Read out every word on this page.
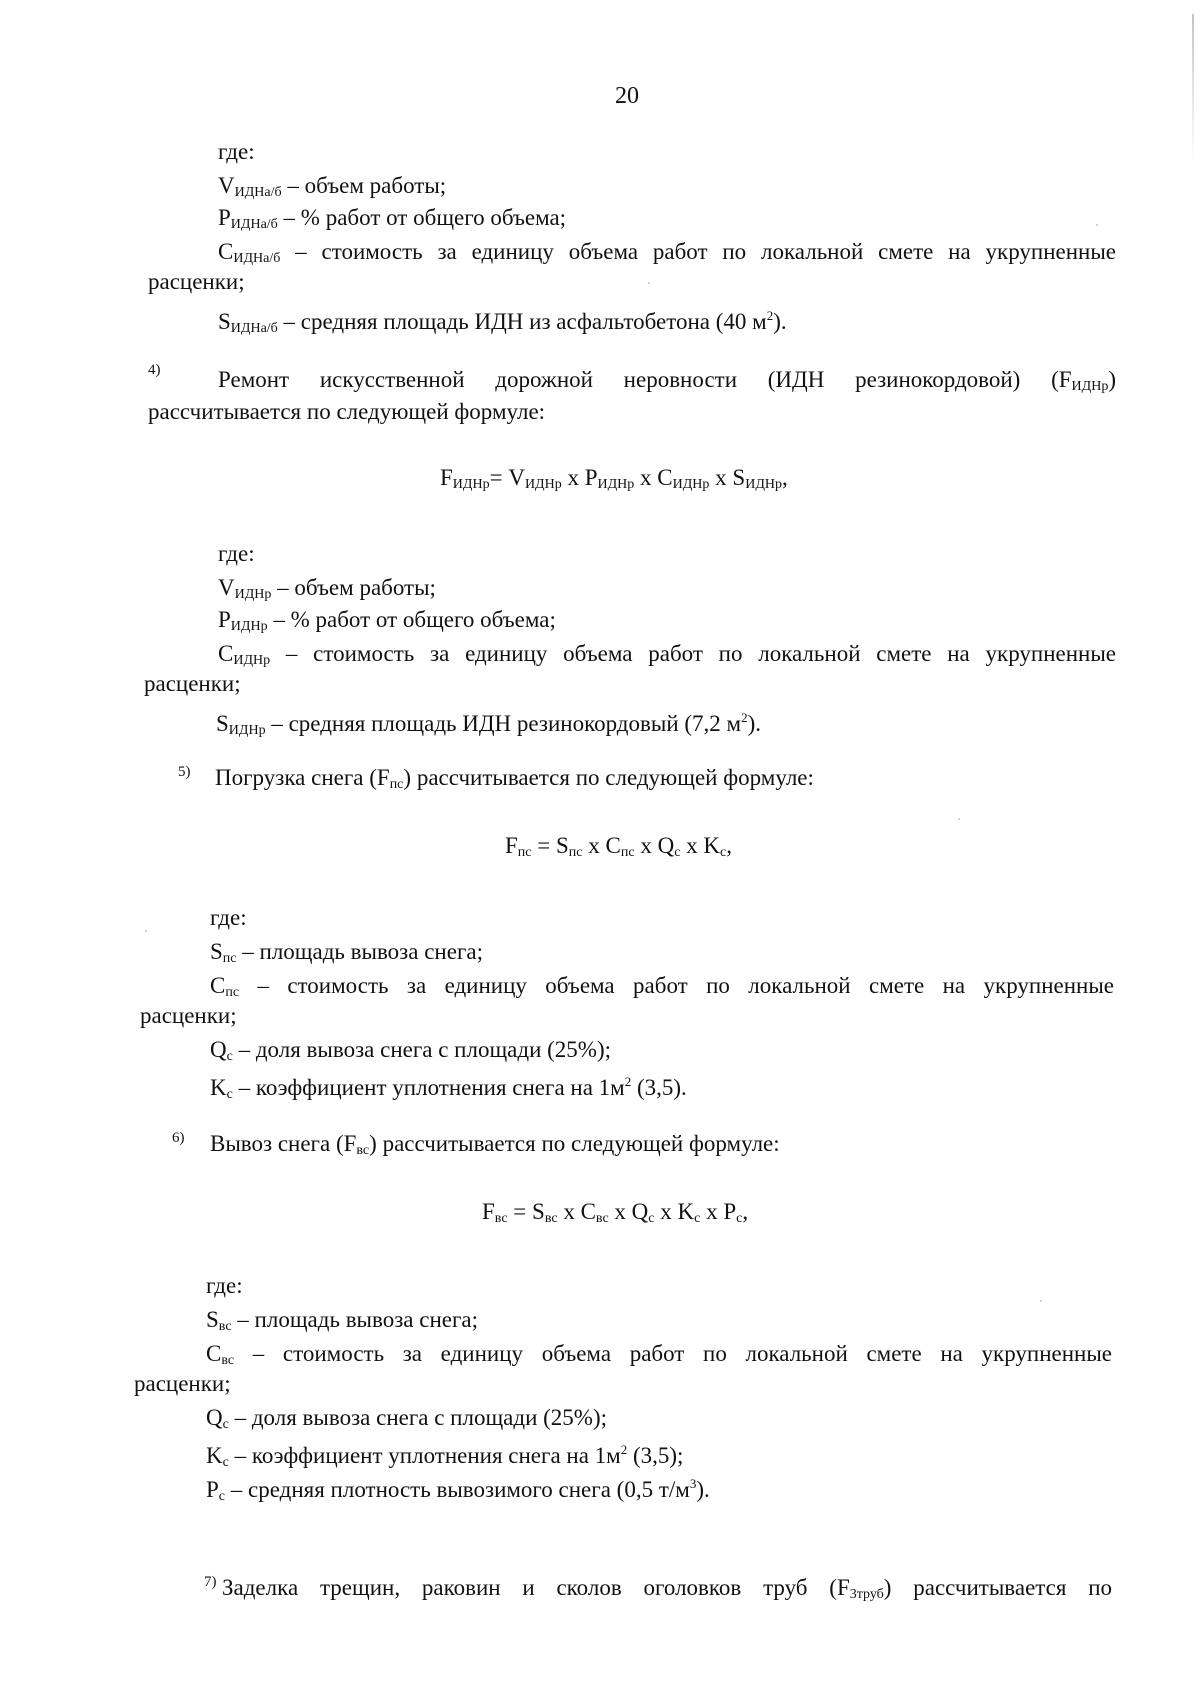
20
где:
$V_{ИДНа/б}$ – объем работы;
$P_{ИДНа/б}$ – % работ от общего объема;
$C_{ИДНа/б}$ – стоимость за единицу объема работ по локальной смете на укрупненные
расценки;
$S_{ИДНа/б}$ – средняя площадь ИДН из асфальтобетона (40 $м^2$).
$^{4)}$	Ремонт искусственной дорожной неровности (ИДН резинокордовой) $(F_{ИДНр})$
рассчитывается по следующей формуле:
$F_{ИДНр}= V_{ИДНр}$ x $P_{ИДНр}$ x $C_{ИДНр}$ x $S_{ИДНр}$,
где:
$V_{ИДНр}$ – объем работы;
$P_{ИДНр}$ – % работ от общего объема;
$C_{ИДНр}$ – стоимость за единицу объема работ по локальной смете на укрупненные
расценки;
$S_{ИДНр}$ – средняя площадь ИДН резинокордовый (7,2 $м^2$).
$^{5)}$ Погрузка снега $(F_{пс})$ рассчитывается по следующей формуле:
$F_{пс} = S_{пс}$ x $C_{пс}$ x $Q_с$ x $K_с$,
где:
$S_{пс}$ – площадь вывоза снега;
$C_{пс}$ – стоимость за единицу объема работ по локальной смете на укрупненные
расценки;
$Q_с$ – доля вывоза снега с площади (25%);
$K_с$ – коэффициент уплотнения снега на $1м^2$ (3,5).
$^{6)}$ Вывоз снега $(F_{вс})$ рассчитывается по следующей формуле:
$F_{вс} = S_{вс}$ x $C_{вс}$ x $Q_с$ x $K_с$ x $P_с$,
где:
$S_{вс}$ – площадь вывоза снега;
$C_{вс}$ – стоимость за единицу объема работ по локальной смете на укрупненные
расценки;
$Q_с$ – доля вывоза снега с площади (25%);
$K_с$ – коэффициент уплотнения снега на $1м^2$ (3,5);
$P_с$ – средняя плотность вывозимого снега (0,5 $т/м^3$).
$^{7)}$ Заделка трещин, раковин и сколов оголовков труб $(F_{3труб})$ рассчитывается по
